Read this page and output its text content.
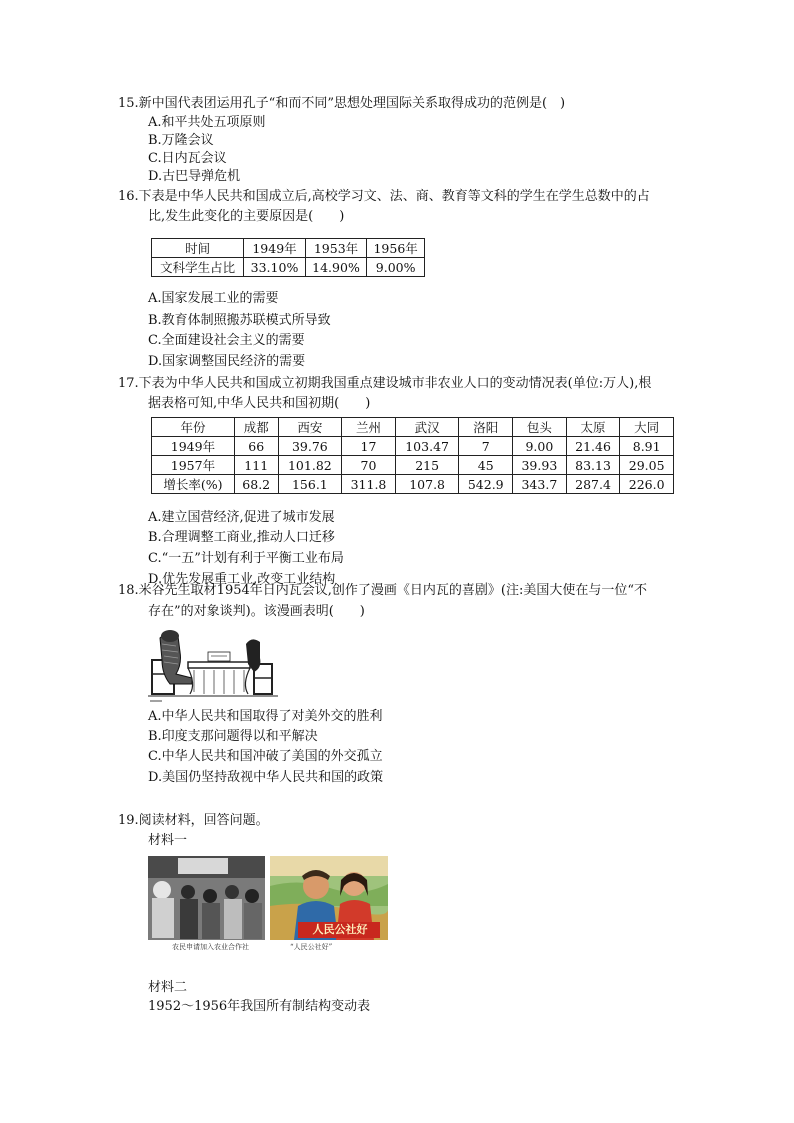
15.新中国代表团运用孔子“和而不同”思想处理国际关系取得成功的范例是(　)
A.和平共处五项原则
B.万隆会议
C.日内瓦会议
D.古巴导弹危机
16.下表是中华人民共和国成立后,高校学习文、法、商、教育等文科的学生在学生总数中的占
比,发生此变化的主要原因是(　　)
时间	1949年	1953年	1956年
文科学生占比	33.10%	14.90%	9.00%
A.国家发展工业的需要
B.教育体制照搬苏联模式所导致
C.全面建设社会主义的需要
D.国家调整国民经济的需要
17.下表为中华人民共和国成立初期我国重点建设城市非农业人口的变动情况表(单位:万人),根
据表格可知,中华人民共和国初期(　　)
年份	成都	西安	兰州	武汉	洛阳	包头	太原	大同
1949年	66	39.76	17	103.47	7	9.00	21.46	8.91
1957年	111	101.82	70	215	45	39.93	83.13	29.05
增长率(%)	68.2	156.1	311.8	107.8	542.9	343.7	287.4	226.0
A.建立国营经济,促进了城市发展
B.合理调整工商业,推动人口迁移
C.“一五”计划有利于平衡工业布局
D.优先发展重工业,改变工业结构
18.米谷先生取材1954年日内瓦会议,创作了漫画《日内瓦的喜剧》(注:美国大使在与一位“不
存在”的对象谈判)。该漫画表明(　　)
A.中华人民共和国取得了对美外交的胜利
B.印度支那问题得以和平解决
C.中华人民共和国冲破了美国的外交孤立
D.美国仍坚持敌视中华人民共和国的政策
19.阅读材料，回答问题。
材料一
农民申请加入农业合作社
人民公社好
“人民公社好”
材料二
1952～1956年我国所有制结构变动表
